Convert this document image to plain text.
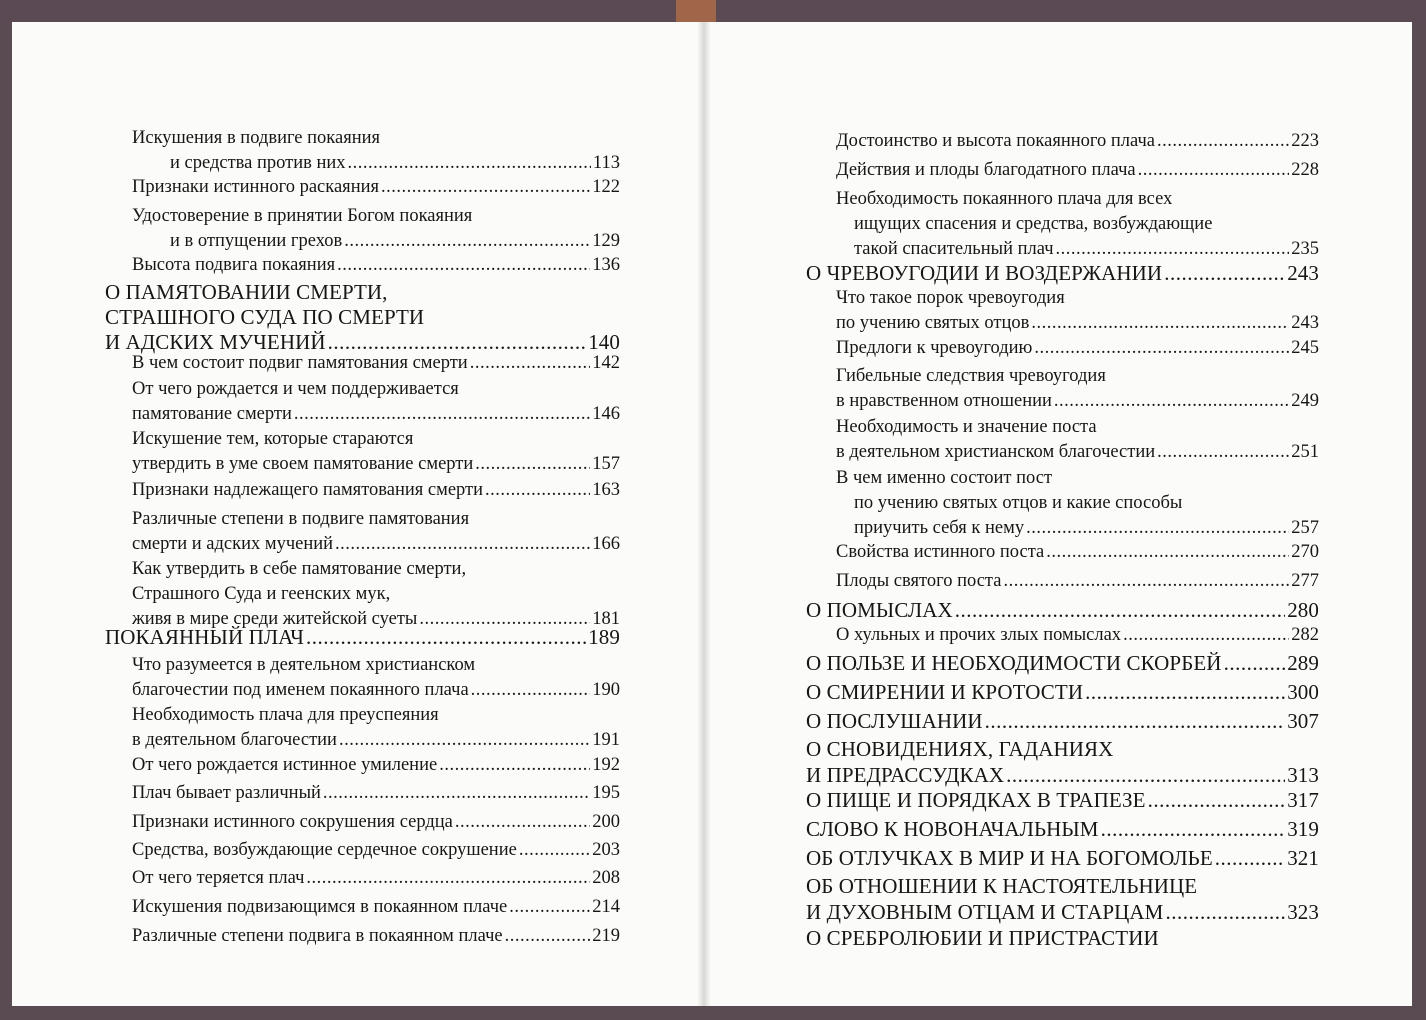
Искушения в подвиге покаяния
и средства против них .....	113
Признаки истинного раскаяния .....	122
Удостоверение в принятии Богом покаяния
и в отпущении грехов .....	129
Высота подвига покаяния .....	136
О ПАМЯТОВАНИИ СМЕРТИ,
СТРАШНОГО СУДА ПО СМЕРТИ
И АДСКИХ МУЧЕНИЙ .....	140
В чем состоит подвиг памятования смерти .....	142
От чего рождается и чем поддерживается
памятование смерти .....	146
Искушение тем, которые стараются
утвердить в уме своем памятование смерти .....	157
Признаки надлежащего памятования смерти .....	163
Различные степени в подвиге памятования
смерти и адских мучений .....	166
Как утвердить в себе памятование смерти,
Страшного Суда и геенских мук,
живя в мире среди житейской суеты .....	181
ПОКАЯННЫЙ ПЛАЧ .....	189
Что разумеется в деятельном христианском
благочестии под именем покаянного плача .....	190
Необходимость плача для преуспеяния
в деятельном благочестии .....	191
От чего рождается истинное умиление .....	192
Плач бывает различный .....	195
Признаки истинного сокрушения сердца .....	200
Средства, возбуждающие сердечное сокрушение .....	203
От чего теряется плач .....	208
Искушения подвизающимся в покаянном плаче .....	214
Различные степени подвига в покаянном плаче .....	219
Достоинство и высота покаянного плача .....	223
Действия и плоды благодатного плача .....	228
Необходимость покаянного плача для всех
ищущих спасения и средства, возбуждающие
такой спасительный плач .....	235
О ЧРЕВОУГОДИИ И ВОЗДЕРЖАНИИ .....	243
Что такое порок чревоугодия
по учению святых отцов .....	243
Предлоги к чревоугодию .....	245
Гибельные следствия чревоугодия
в нравственном отношении .....	249
Необходимость и значение поста
в деятельном христианском благочестии .....	251
В чем именно состоит пост
по учению святых отцов и какие способы
приучить себя к нему .....	257
Свойства истинного поста .....	270
Плоды святого поста .....	277
О ПОМЫСЛАХ .....	280
О хульных и прочих злых помыслах .....	282
О ПОЛЬЗЕ И НЕОБХОДИМОСТИ СКОРБЕЙ .....	289
О СМИРЕНИИ И КРОТОСТИ .....	300
О ПОСЛУШАНИИ .....	307
О СНОВИДЕНИЯХ, ГАДАНИЯХ
И ПРЕДРАССУДКАХ .....	313
О ПИЩЕ И ПОРЯДКАХ В ТРАПЕЗЕ .....	317
СЛОВО К НОВОНАЧАЛЬНЫМ .....	319
ОБ ОТЛУЧКАХ В МИР И НА БОГОМОЛЬЕ .....	321
ОБ ОТНОШЕНИИ К НАСТОЯТЕЛЬНИЦЕ
И ДУХОВНЫМ ОТЦАМ И СТАРЦАМ .....	323
О СРЕБРОЛЮБИИ И ПРИСТРАСТИИ
